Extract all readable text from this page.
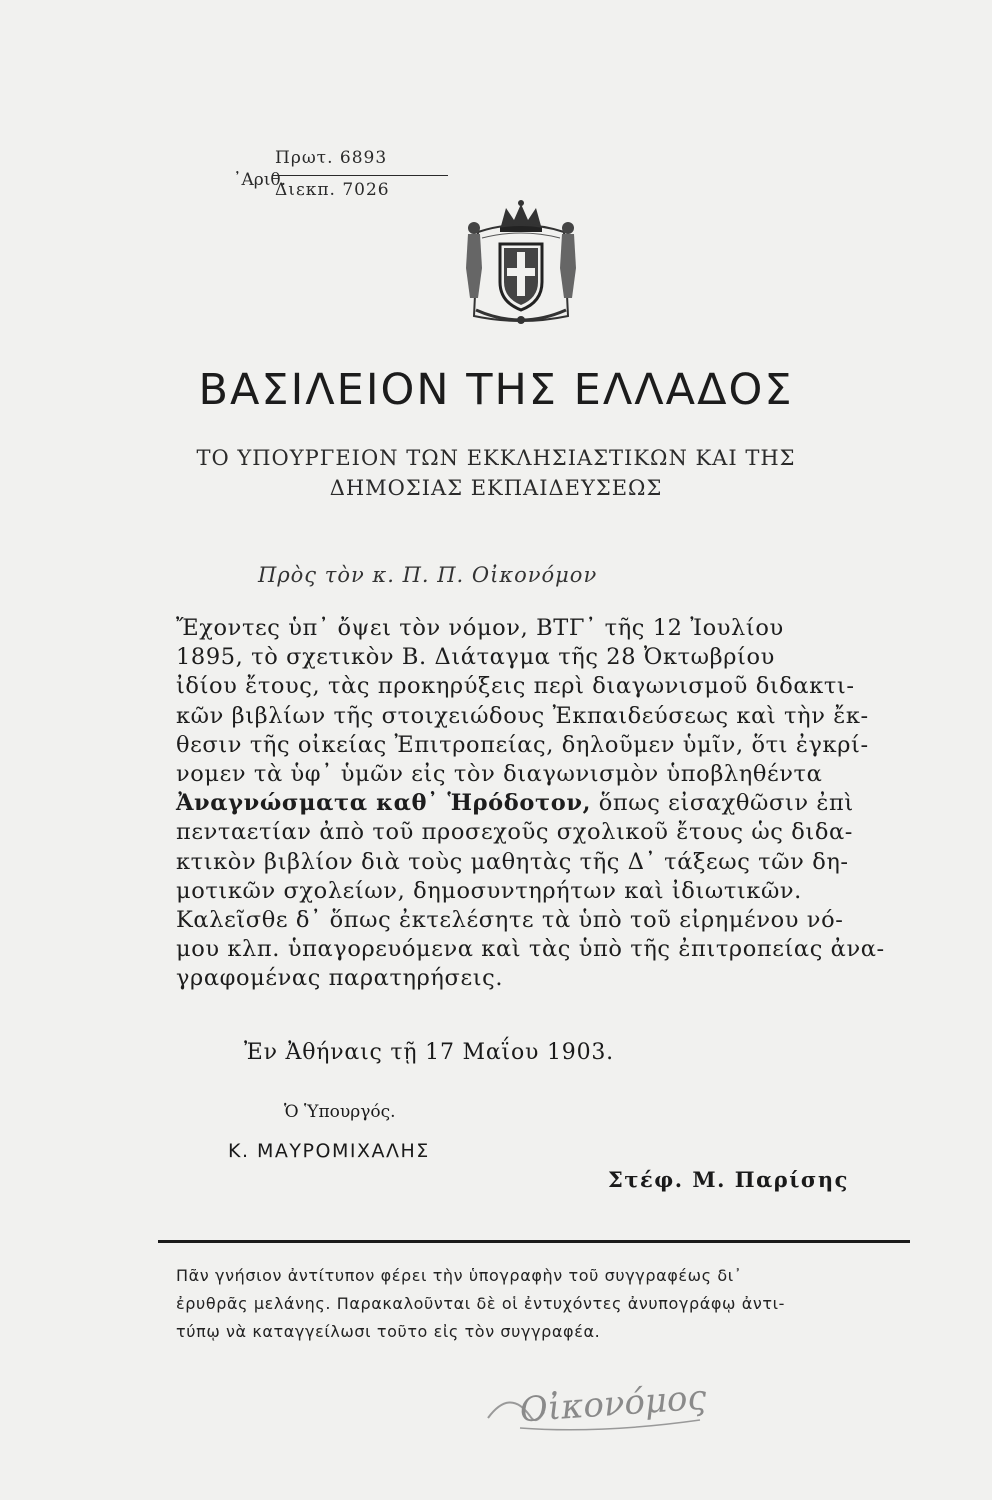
᾿Αριθ.
Πρωτ. 6893
Διεκπ. 7026
ΒΑΣΙΛΕΙΟΝ ΤΗΣ ΕΛΛΑΔΟΣ
ΤΟ ΥΠΟΥΡΓΕΙΟΝ ΤΩΝ ΕΚΚΛΗΣΙΑΣΤΙΚΩΝ ΚΑΙ ΤΗΣ
ΔΗΜΟΣΙΑΣ ΕΚΠΑΙΔΕΥΣΕΩΣ
Πρὸς τὸν κ. Π. Π. Οἰκονόμον

Ἔχοντες ὑπ᾿ ὄψει τὸν νόμον, ΒΤΓ᾿ τῆς 12 Ἰουλίου

1895, τὸ σχετικὸν Β. Διάταγμα τῆς 28 Ὀκτωβρίου

ἰδίου ἔτους, τὰς προκηρύξεις περὶ διαγωνισμοῦ διδακτι-

κῶν βιβλίων τῆς στοιχειώδους Ἐκπαιδεύσεως καὶ τὴν ἔκ-

θεσιν τῆς οἰκείας Ἐπιτροπείας, δηλοῦμεν ὑμῖν, ὅτι ἐγκρί-

νομεν τὰ ὑφ᾿ ὑμῶν εἰς τὸν διαγωνισμὸν ὑποβληθέντα

Ἀναγνώσματα καθ᾿ Ἡρόδοτον, ὅπως εἰσαχθῶσιν ἐπὶ

πενταετίαν ἀπὸ τοῦ προσεχοῦς σχολικοῦ ἔτους ὡς διδα-

κτικὸν βιβλίον διὰ τοὺς μαθητὰς τῆς Δ᾿ τάξεως τῶν δη-

μοτικῶν σχολείων, δημοσυντηρήτων καὶ ἰδιωτικῶν.

Καλεῖσθε δ᾿ ὅπως ἐκτελέσητε τὰ ὑπὸ τοῦ εἰρημένου νό-

μου κλπ. ὑπαγορευόμενα καὶ τὰς ὑπὸ τῆς ἐπιτροπείας ἀνα-

γραφομένας παρατηρήσεις.

Ἐν Ἀθήναις τῇ 17 Μαΐου 1903.
Ὁ Ὑπουργός.
Κ. ΜΑΥΡΟΜΙΧΑΛΗΣ
Στέφ. Μ. Παρίσης

Πᾶν γνήσιον ἀντίτυπον φέρει τὴν ὑπογραφὴν τοῦ συγγραφέως δι᾿

ἐρυθρᾶς μελάνης. Παρακαλοῦνται δὲ οἱ ἐντυχόντες ἀνυπογράφῳ ἀντι-

τύπῳ νὰ καταγγείλωσι τοῦτο εἰς τὸν συγγραφέα.

Οἰκονόμος
